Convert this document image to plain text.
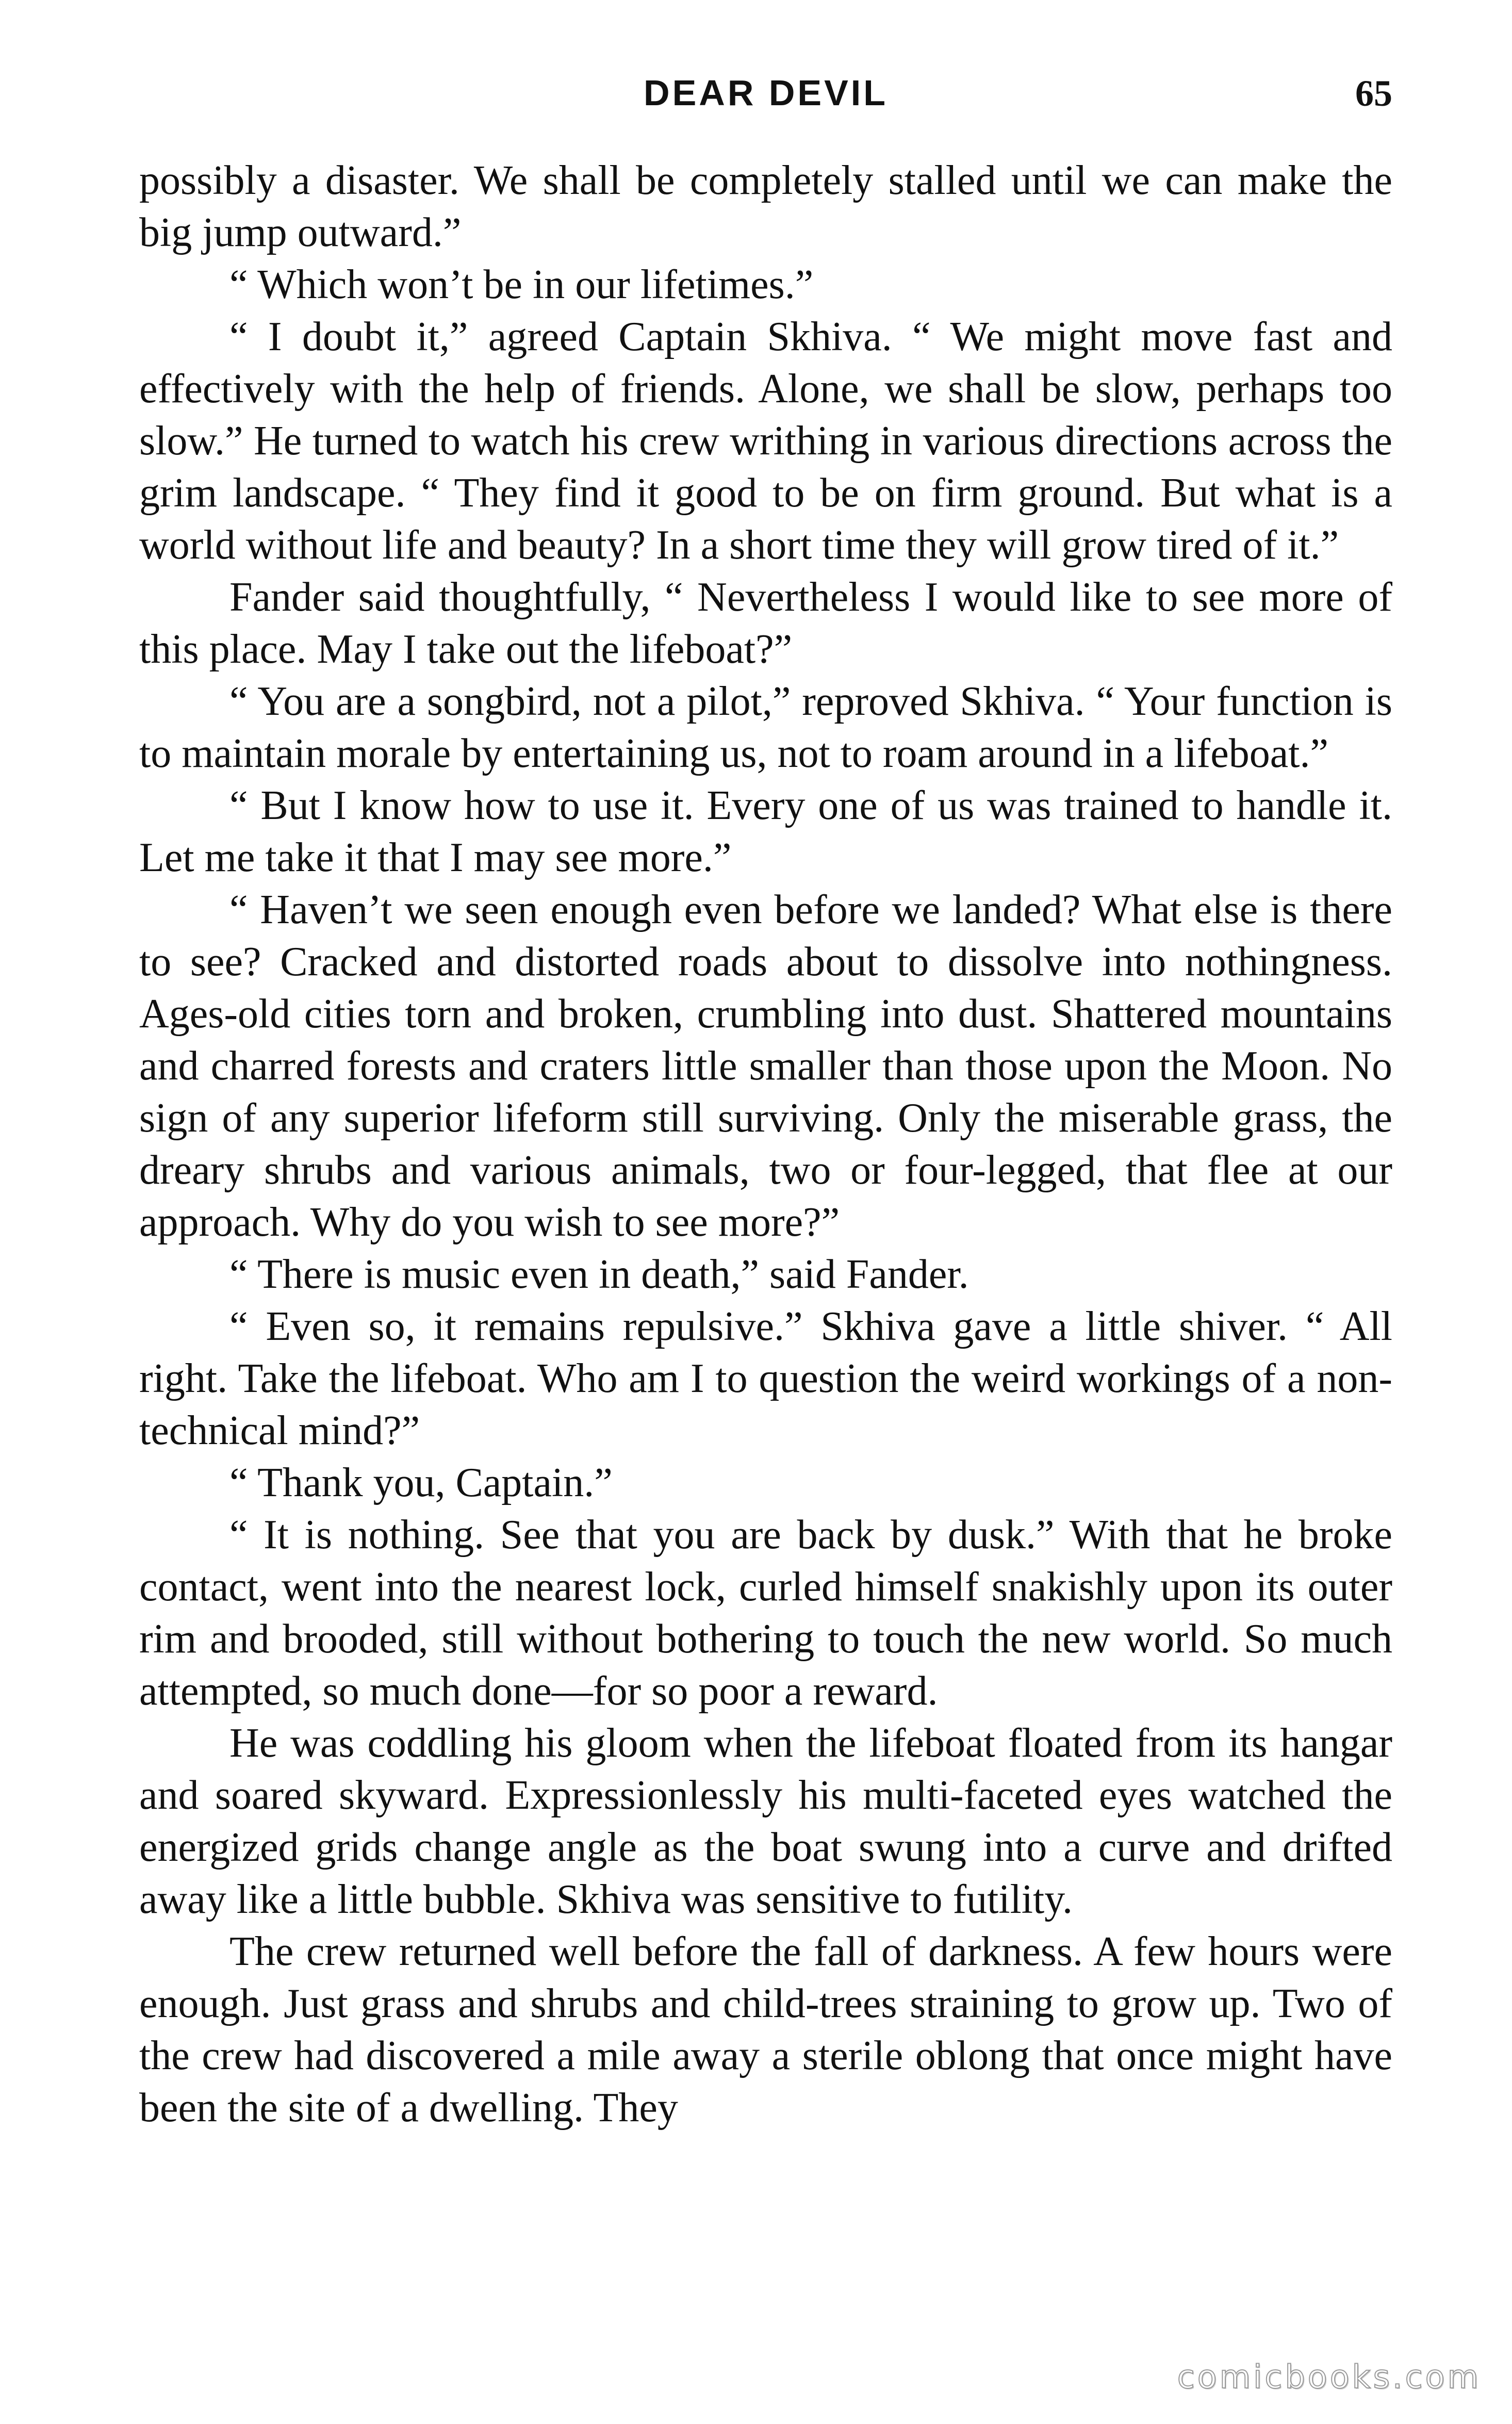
DEAR DEVIL	65

possibly a disaster. We shall be completely stalled until we can make the big jump outward.”

“ Which won’t be in our lifetimes.”

“ I doubt it,” agreed Captain Skhiva. “ We might move fast and effectively with the help of friends. Alone, we shall be slow, perhaps too slow.” He turned to watch his crew writhing in various directions across the grim landscape. “ They find it good to be on firm ground. But what is a world without life and beauty? In a short time they will grow tired of it.”

Fander said thoughtfully, “ Nevertheless I would like to see more of this place. May I take out the lifeboat?”

“ You are a songbird, not a pilot,” reproved Skhiva. “ Your function is to maintain morale by entertaining us, not to roam around in a lifeboat.”

“ But I know how to use it. Every one of us was trained to handle it. Let me take it that I may see more.”

“ Haven’t we seen enough even before we landed? What else is there to see? Cracked and distorted roads about to dissolve into nothingness. Ages-old cities torn and broken, crumbling into dust. Shattered mountains and charred forests and craters little smaller than those upon the Moon. No sign of any superior lifeform still surviving. Only the miserable grass, the dreary shrubs and various animals, two or four-legged, that flee at our approach. Why do you wish to see more?”

“ There is music even in death,” said Fander.

“ Even so, it remains repulsive.” Skhiva gave a little shiver. “ All right. Take the lifeboat. Who am I to question the weird workings of a non-technical mind?”

“ Thank you, Captain.”

“ It is nothing. See that you are back by dusk.” With that he broke contact, went into the nearest lock, curled himself snakishly upon its outer rim and brooded, still without bothering to touch the new world. So much attempted, so much done—for so poor a reward.

He was coddling his gloom when the lifeboat floated from its hangar and soared skyward. Expressionlessly his multi-faceted eyes watched the energized grids change angle as the boat swung into a curve and drifted away like a little bubble. Skhiva was sensitive to futility.

The crew returned well before the fall of darkness. A few hours were enough. Just grass and shrubs and child-trees straining to grow up. Two of the crew had discovered a mile away a sterile oblong that once might have been the site of a dwelling. They

comicbooks.com
